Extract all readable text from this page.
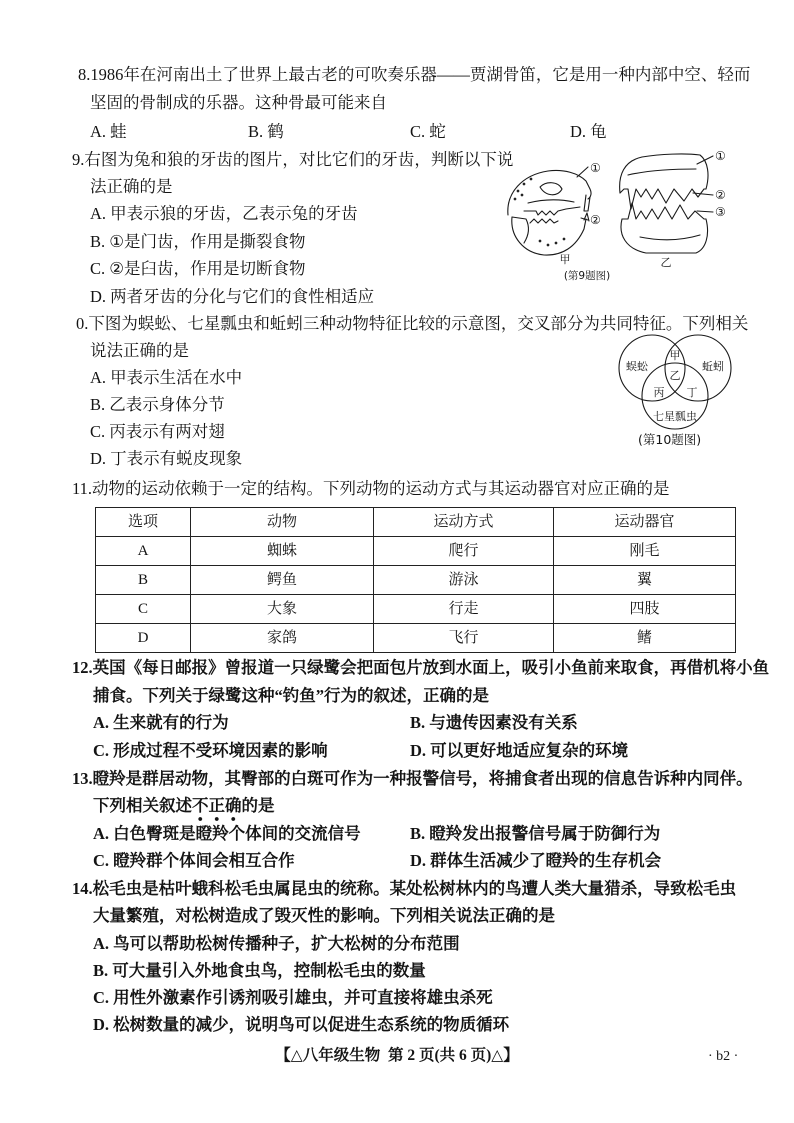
8.1986年在河南出土了世界上最古老的可吹奏乐器——贾湖骨笛，它是用一种内部中空、轻而
坚固的骨制成的乐器。这种骨最可能来自
A. 蛙	B. 鹤	C. 蛇	D. 龟
9.右图为兔和狼的牙齿的图片，对比它们的牙齿，判断以下说
法正确的是
A. 甲表示狼的牙齿，乙表示兔的牙齿
B. ①是门齿，作用是撕裂食物
C. ②是臼齿，作用是切断食物
D. 两者牙齿的分化与它们的食性相适应
①
②
甲
①
②
③
乙
(第9题图)
0.下图为蜈蚣、七星瓢虫和蚯蚓三种动物特征比较的示意图，交叉部分为共同特征。下列相关
说法正确的是
A. 甲表示生活在水中
B. 乙表示身体分节
C. 丙表示有两对翅
D. 丁表示有蜕皮现象
蜈蚣	蚯蚓
七星瓢虫
甲
乙
丙 丁
(第10题图)
11.动物的运动依赖于一定的结构。下列动物的运动方式与其运动器官对应正确的是
选项	动物	运动方式	运动器官
A	蜘蛛	爬行	刚毛
B	鳄鱼	游泳	翼
C	大象	行走	四肢
D	家鸽	飞行	鳍
12.英国《每日邮报》曾报道一只绿鹭会把面包片放到水面上，吸引小鱼前来取食，再借机将小鱼
捕食。下列关于绿鹭这种“钓鱼”行为的叙述，正确的是
A. 生来就有的行为	B. 与遗传因素没有关系
C. 形成过程不受环境因素的影响	D. 可以更好地适应复杂的环境
13.瞪羚是群居动物，其臀部的白斑可作为一种报警信号，将捕食者出现的信息告诉种内同伴。
下列相关叙述不正确的是
A. 白色臀斑是瞪羚个体间的交流信号	B. 瞪羚发出报警信号属于防御行为
C. 瞪羚群个体间会相互合作	D. 群体生活减少了瞪羚的生存机会
14.松毛虫是枯叶蛾科松毛虫属昆虫的统称。某处松树林内的鸟遭人类大量猎杀，导致松毛虫
大量繁殖，对松树造成了毁灭性的影响。下列相关说法正确的是
A. 鸟可以帮助松树传播种子，扩大松树的分布范围
B. 可大量引入外地食虫鸟，控制松毛虫的数量
C. 用性外激素作引诱剂吸引雄虫，并可直接将雄虫杀死
D. 松树数量的减少，说明鸟可以促进生态系统的物质循环
【△八年级生物  第 2 页(共 6 页)△】	· b2 ·
